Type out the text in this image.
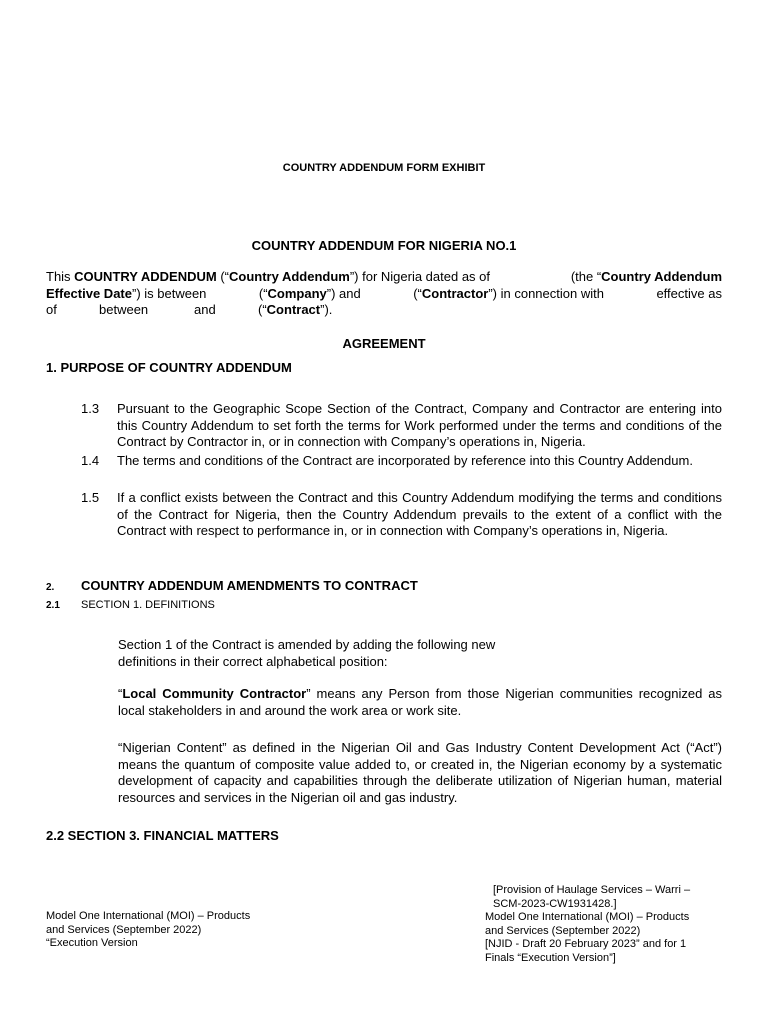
COUNTRY ADDENDUM FORM EXHIBIT
COUNTRY ADDENDUM FOR NIGERIA NO.1
This COUNTRY ADDENDUM (“Country Addendum”) for Nigeria dated as of	(the “Country Addendum
Effective Date”) is between	(“Company”) and	(“Contractor”) in connection with	effective as
of	between	and	(“Contract”).
AGREEMENT
1. PURPOSE OF COUNTRY ADDENDUM
1.3 Pursuant to the Geographic Scope Section of the Contract, Company and Contractor are entering into this Country Addendum to set forth the terms for Work performed under the terms and conditions of the Contract by Contractor in, or in connection with Company’s operations in, Nigeria.
1.4 The terms and conditions of the Contract are incorporated by reference into this Country Addendum.
1.5 If a conflict exists between the Contract and this Country Addendum modifying the terms and conditions of the Contract for Nigeria, then the Country Addendum prevails to the extent of a conflict with the Contract with respect to performance in, or in connection with Company’s operations in, Nigeria.
2. COUNTRY ADDENDUM AMENDMENTS TO CONTRACT
2.1 SECTION 1. DEFINITIONS
Section 1 of the Contract is amended by adding the following new
definitions in their correct alphabetical position:
“Local Community Contractor” means any Person from those Nigerian communities recognized as local stakeholders in and around the work area or work site.
“Nigerian Content” as defined in the Nigerian Oil and Gas Industry Content Development Act (“Act”) means the quantum of composite value added to, or created in, the Nigerian economy by a systematic development of capacity and capabilities through the deliberate utilization of Nigerian human, material resources and services in the Nigerian oil and gas industry.
2.2 SECTION 3. FINANCIAL MATTERS
Model One International (MOI) – Products
and Services (September 2022)
“Execution Version
[Provision of Haulage Services – Warri –
SCM-2023-CW1931428.]
Model One International (MOI) – Products
and Services (September 2022)
[NJID - Draft 20 February 2023” and for 1
Finals “Execution Version”]
